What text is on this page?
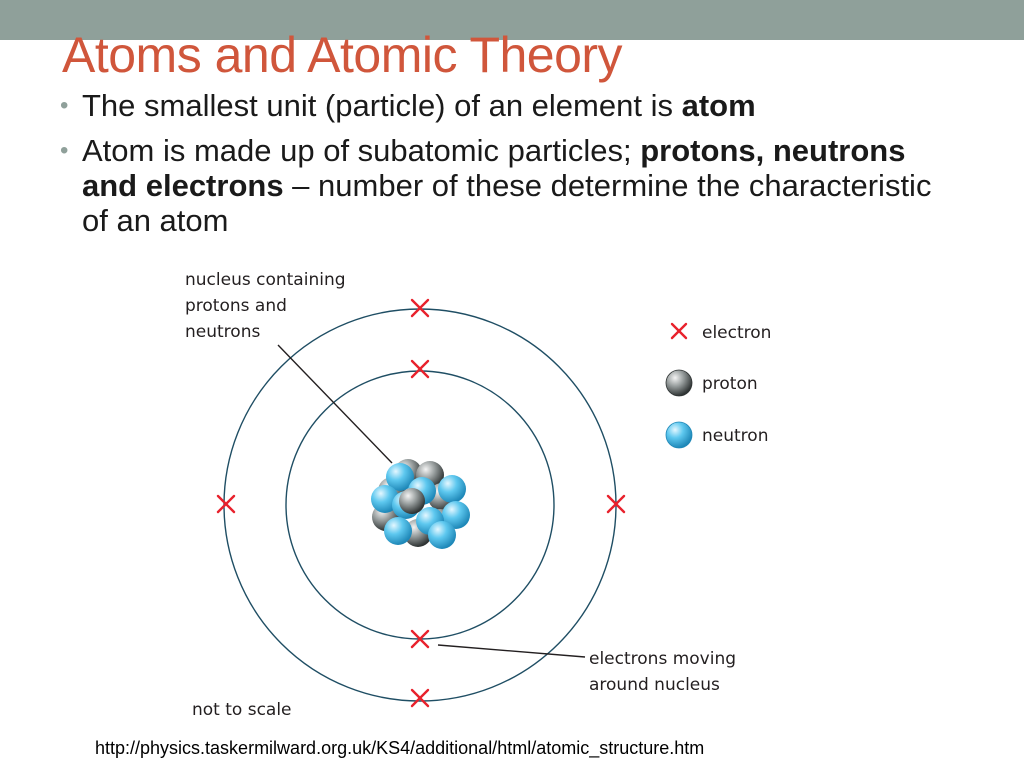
Atoms and Atomic Theory
• The smallest unit (particle) of an element is atom
• Atom is made up of subatomic particles; protons, neutrons and electrons – number of these determine the characteristic of an atom
nucleus containing
protons and
neutrons	electron
proton
neutron
electrons moving
around nucleus
not to scale
http://physics.taskermilward.org.uk/KS4/additional/html/atomic_structure.htm
